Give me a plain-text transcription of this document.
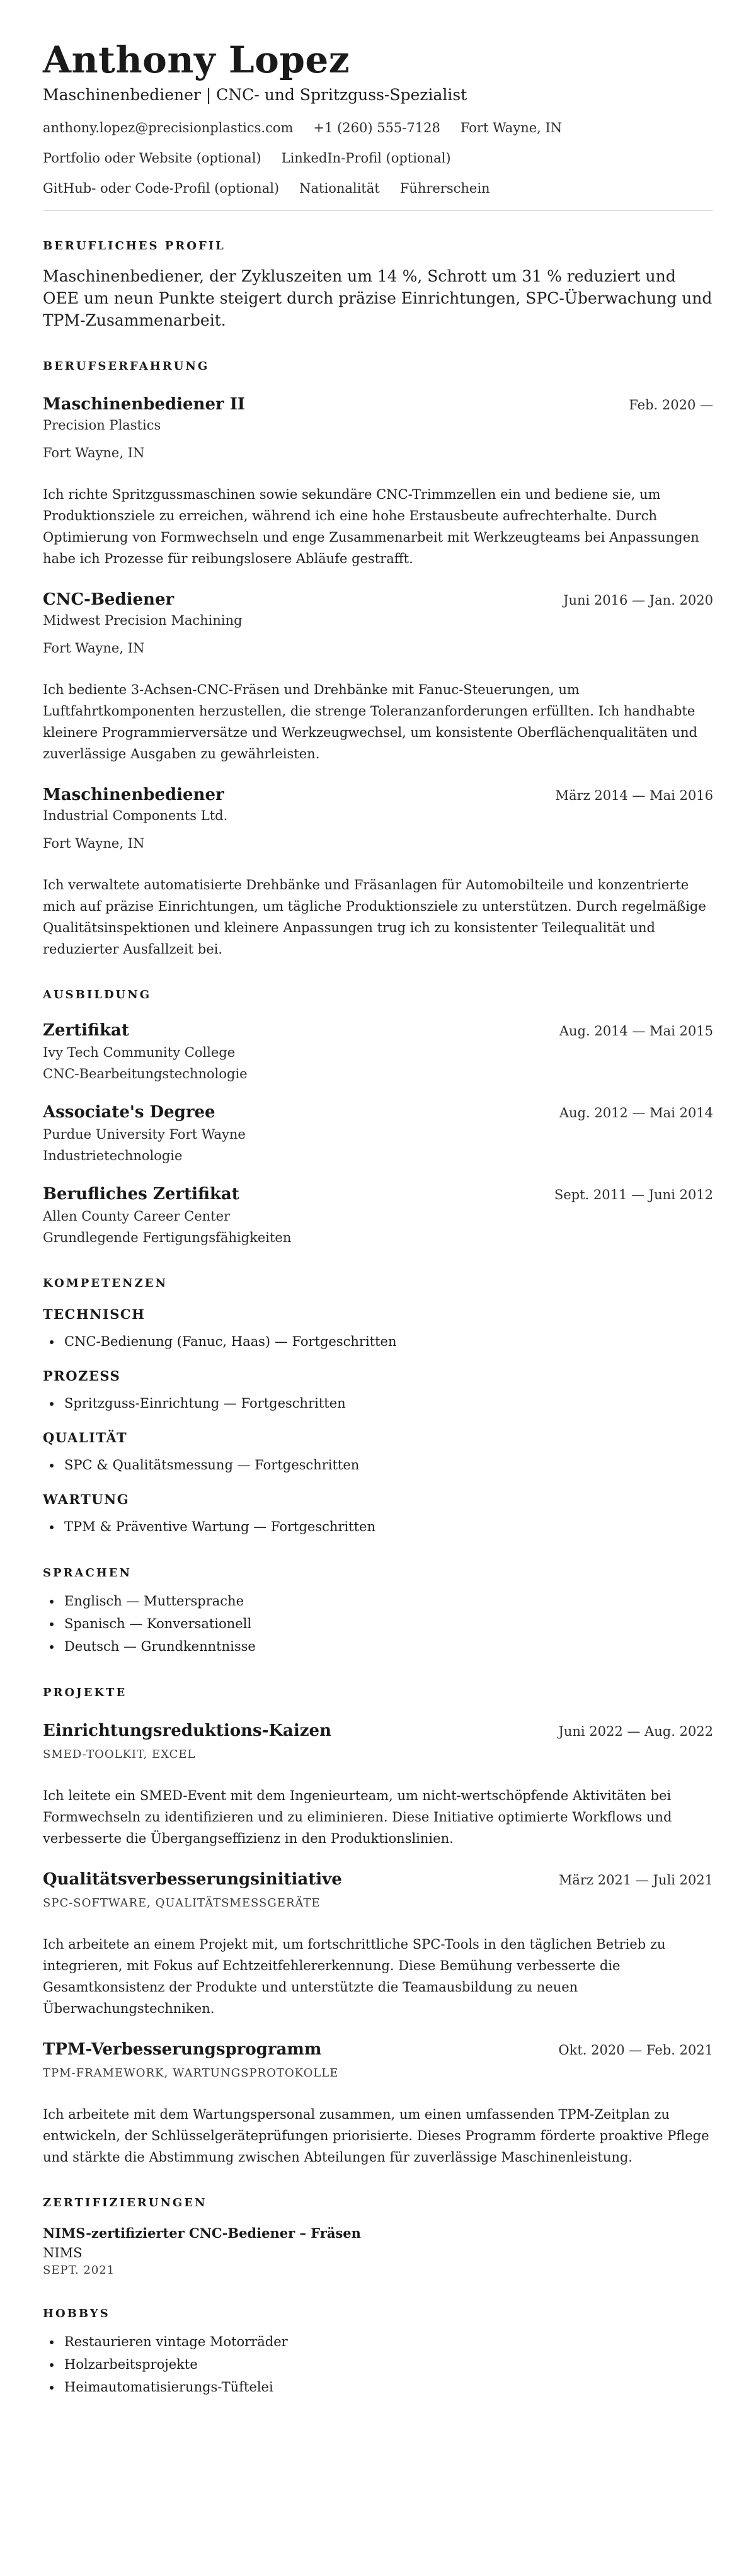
Anthony Lopez
Maschinenbediener | CNC- und Spritzguss-Spezialist
anthony.lopez@precisionplastics.com +1 (260) 555-7128 Fort Wayne, IN
Portfolio oder Website (optional) LinkedIn-Profil (optional)
GitHub- oder Code-Profil (optional) Nationalität Führerschein
BERUFLICHES PROFIL
Maschinenbediener, der Zykluszeiten um 14 %, Schrott um 31 % reduziert und OEE um neun Punkte steigert durch präzise Einrichtungen, SPC-Überwachung und TPM-Zusammenarbeit.
BERUFSERFAHRUNG
Maschinenbediener II	Feb. 2020 —
Precision Plastics
Fort Wayne, IN
Ich richte Spritzgussmaschinen sowie sekundäre CNC-Trimmzellen ein und bediene sie, um Produktionsziele zu erreichen, während ich eine hohe Erstausbeute aufrechterhalte. Durch Optimierung von Formwechseln und enge Zusammenarbeit mit Werkzeugteams bei Anpassungen habe ich Prozesse für reibungslosere Abläufe gestrafft.
CNC-Bediener	Juni 2016 — Jan. 2020
Midwest Precision Machining
Fort Wayne, IN
Ich bediente 3-Achsen-CNC-Fräsen und Drehbänke mit Fanuc-Steuerungen, um Luftfahrtkomponenten herzustellen, die strenge Toleranzanforderungen erfüllten. Ich handhabte kleinere Programmierversätze und Werkzeugwechsel, um konsistente Oberflächenqualitäten und zuverlässige Ausgaben zu gewährleisten.
Maschinenbediener	März 2014 — Mai 2016
Industrial Components Ltd.
Fort Wayne, IN
Ich verwaltete automatisierte Drehbänke und Fräsanlagen für Automobilteile und konzentrierte mich auf präzise Einrichtungen, um tägliche Produktionsziele zu unterstützen. Durch regelmäßige Qualitätsinspektionen und kleinere Anpassungen trug ich zu konsistenter Teilequalität und reduzierter Ausfallzeit bei.
AUSBILDUNG
Zertifikat	Aug. 2014 — Mai 2015
Ivy Tech Community College
CNC-Bearbeitungstechnologie
Associate's Degree	Aug. 2012 — Mai 2014
Purdue University Fort Wayne
Industrietechnologie
Berufliches Zertifikat	Sept. 2011 — Juni 2012
Allen County Career Center
Grundlegende Fertigungsfähigkeiten
KOMPETENZEN
TECHNISCH
• CNC-Bedienung (Fanuc, Haas) — Fortgeschritten
PROZESS
• Spritzguss-Einrichtung — Fortgeschritten
QUALITÄT
• SPC & Qualitätsmessung — Fortgeschritten
WARTUNG
• TPM & Präventive Wartung — Fortgeschritten
SPRACHEN
• Englisch — Muttersprache
• Spanisch — Konversationell
• Deutsch — Grundkenntnisse
PROJEKTE
Einrichtungsreduktions-Kaizen	Juni 2022 — Aug. 2022
SMED-TOOLKIT, EXCEL
Ich leitete ein SMED-Event mit dem Ingenieurteam, um nicht-wertschöpfende Aktivitäten bei Formwechseln zu identifizieren und zu eliminieren. Diese Initiative optimierte Workflows und verbesserte die Übergangseffizienz in den Produktionslinien.
Qualitätsverbesserungsinitiative	März 2021 — Juli 2021
SPC-SOFTWARE, QUALITÄTSMESSGERÄTE
Ich arbeitete an einem Projekt mit, um fortschrittliche SPC-Tools in den täglichen Betrieb zu integrieren, mit Fokus auf Echtzeitfehlererkennung. Diese Bemühung verbesserte die Gesamtkonsistenz der Produkte und unterstützte die Teamausbildung zu neuen Überwachungstechniken.
TPM-Verbesserungsprogramm	Okt. 2020 — Feb. 2021
TPM-FRAMEWORK, WARTUNGSPROTOKOLLE
Ich arbeitete mit dem Wartungspersonal zusammen, um einen umfassenden TPM-Zeitplan zu entwickeln, der Schlüsselgeräteprüfungen priorisierte. Dieses Programm förderte proaktive Pflege und stärkte die Abstimmung zwischen Abteilungen für zuverlässige Maschinenleistung.
ZERTIFIZIERUNGEN
NIMS-zertifizierter CNC-Bediener – Fräsen
NIMS
SEPT. 2021
HOBBYS
• Restaurieren vintage Motorräder
• Holzarbeitsprojekte
• Heimautomatisierungs-Tüftelei
